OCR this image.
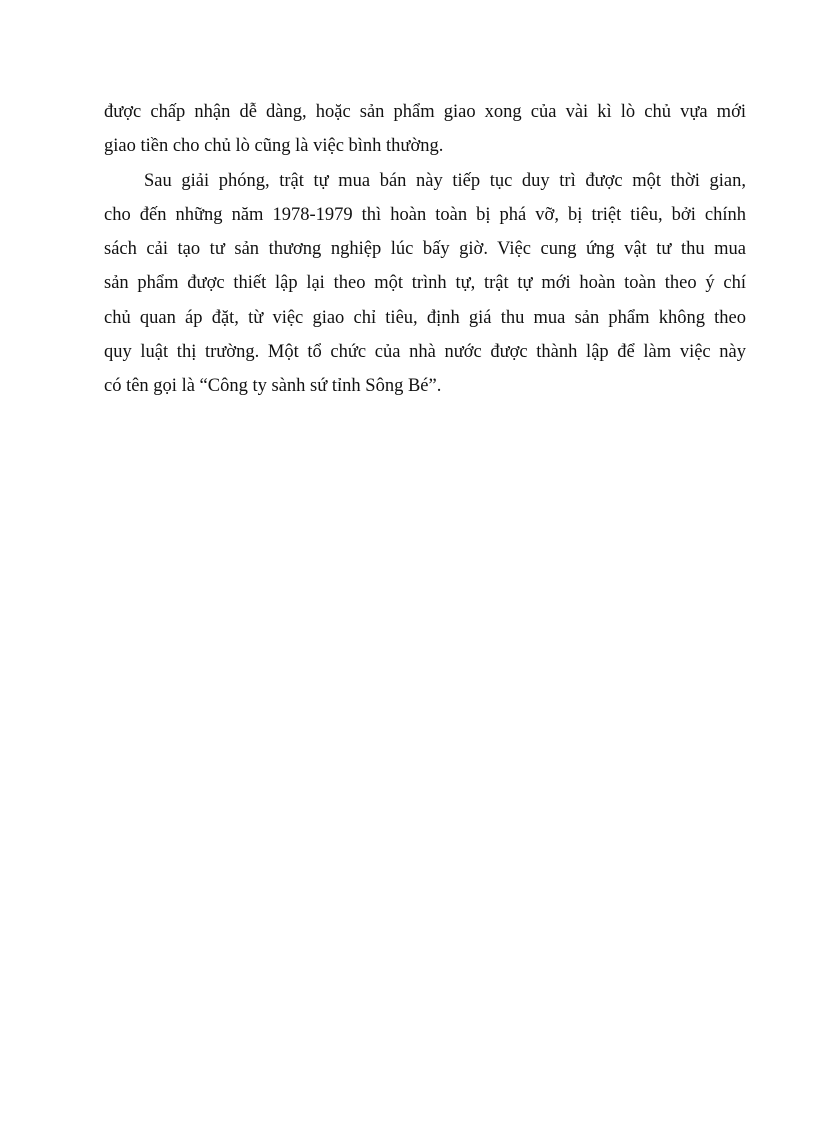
được chấp nhận dễ dàng, hoặc sản phẩm giao xong của vài kì lò chủ vựa mới
giao tiền cho chủ lò cũng là việc bình thường.
Sau giải phóng, trật tự mua bán này tiếp tục duy trì được một thời gian,
cho đến những năm 1978-1979 thì hoàn toàn bị phá vỡ, bị triệt tiêu, bởi chính
sách cải tạo tư sản thương nghiệp lúc bấy giờ. Việc cung ứng vật tư thu mua
sản phẩm được thiết lập lại theo một trình tự, trật tự mới hoàn toàn theo ý chí
chủ quan áp đặt, từ việc giao chỉ tiêu, định giá thu mua sản phẩm không theo
quy luật thị trường. Một tổ chức của nhà nước được thành lập để làm việc này
có tên gọi là “Công ty sành sứ tỉnh Sông Bé”.
